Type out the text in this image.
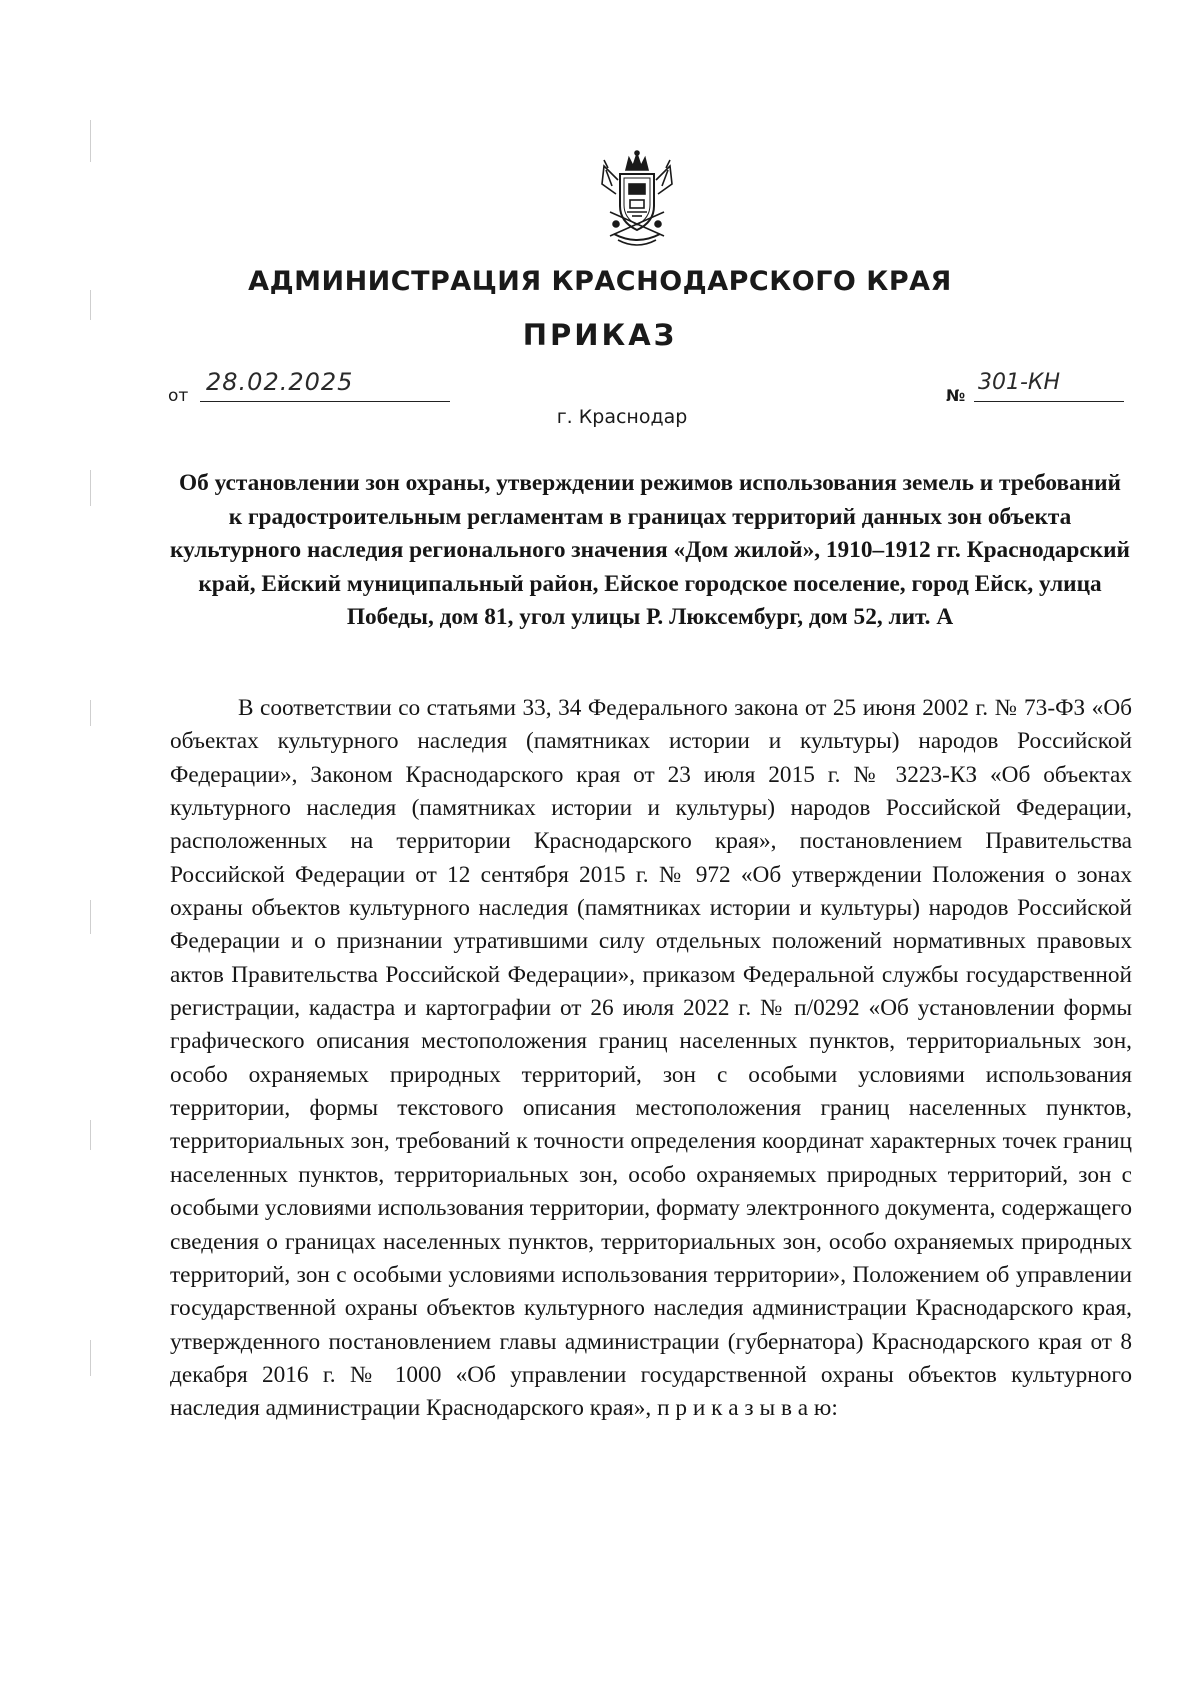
АДМИНИСТРАЦИЯ КРАСНОДАРСКОГО КРАЯ
ПРИКАЗ
от 28.02.2025	№
301-КН
г. Краснодар
Об установлении зон охраны, утверждении режимов использования земель и требований к градостроительным регламентам в границах территорий данных зон объекта культурного наследия регионального значения «Дом жилой», 1910–1912 гг. Краснодарский край, Ейский муниципальный район, Ейское городское поселение, город Ейск, улица Победы, дом 81, угол улицы Р. Люксембург, дом 52, лит. А

В соответствии со статьями 33, 34 Федерального закона от 25 июня 2002 г. № 73-ФЗ «Об объектах культурного наследия (памятниках истории и культуры) народов Российской Федерации», Законом Краснодарского края от 23 июля 2015 г. № 3223-КЗ «Об объектах культурного наследия (памятниках истории и культуры) народов Российской Федерации, расположенных на территории Краснодарского края», постановлением Правительства Российской Федерации от 12 сентября 2015 г. № 972 «Об утверждении Положения о зонах охраны объектов культурного наследия (памятниках истории и культуры) народов Российской Федерации и о признании утратившими силу отдельных положений нормативных правовых актов Правительства Российской Федерации», приказом Федеральной службы государственной регистрации, кадастра и картографии от 26 июля 2022 г. № п/0292 «Об установлении формы графического описания местоположения границ населенных пунктов, территориальных зон, особо охраняемых природных территорий, зон с особыми условиями использования территории, формы текстового описания местоположения границ населенных пунктов, территориальных зон, требований к точности определения координат характерных точек границ населенных пунктов, территориальных зон, особо охраняемых природных территорий, зон с особыми условиями использования территории, формату электронного документа, содержащего сведения о границах населенных пунктов, территориальных зон, особо охраняемых природных территорий, зон с особыми условиями использования территории», Положением об управлении государственной охраны объектов культурного наследия администрации Краснодарского края, утвержденного постановлением главы администрации (губернатора) Краснодарского края от 8 декабря 2016 г. № 1000 «Об управлении государственной охраны объектов культурного наследия администрации Краснодарского края», п р и к а з ы в а ю:
